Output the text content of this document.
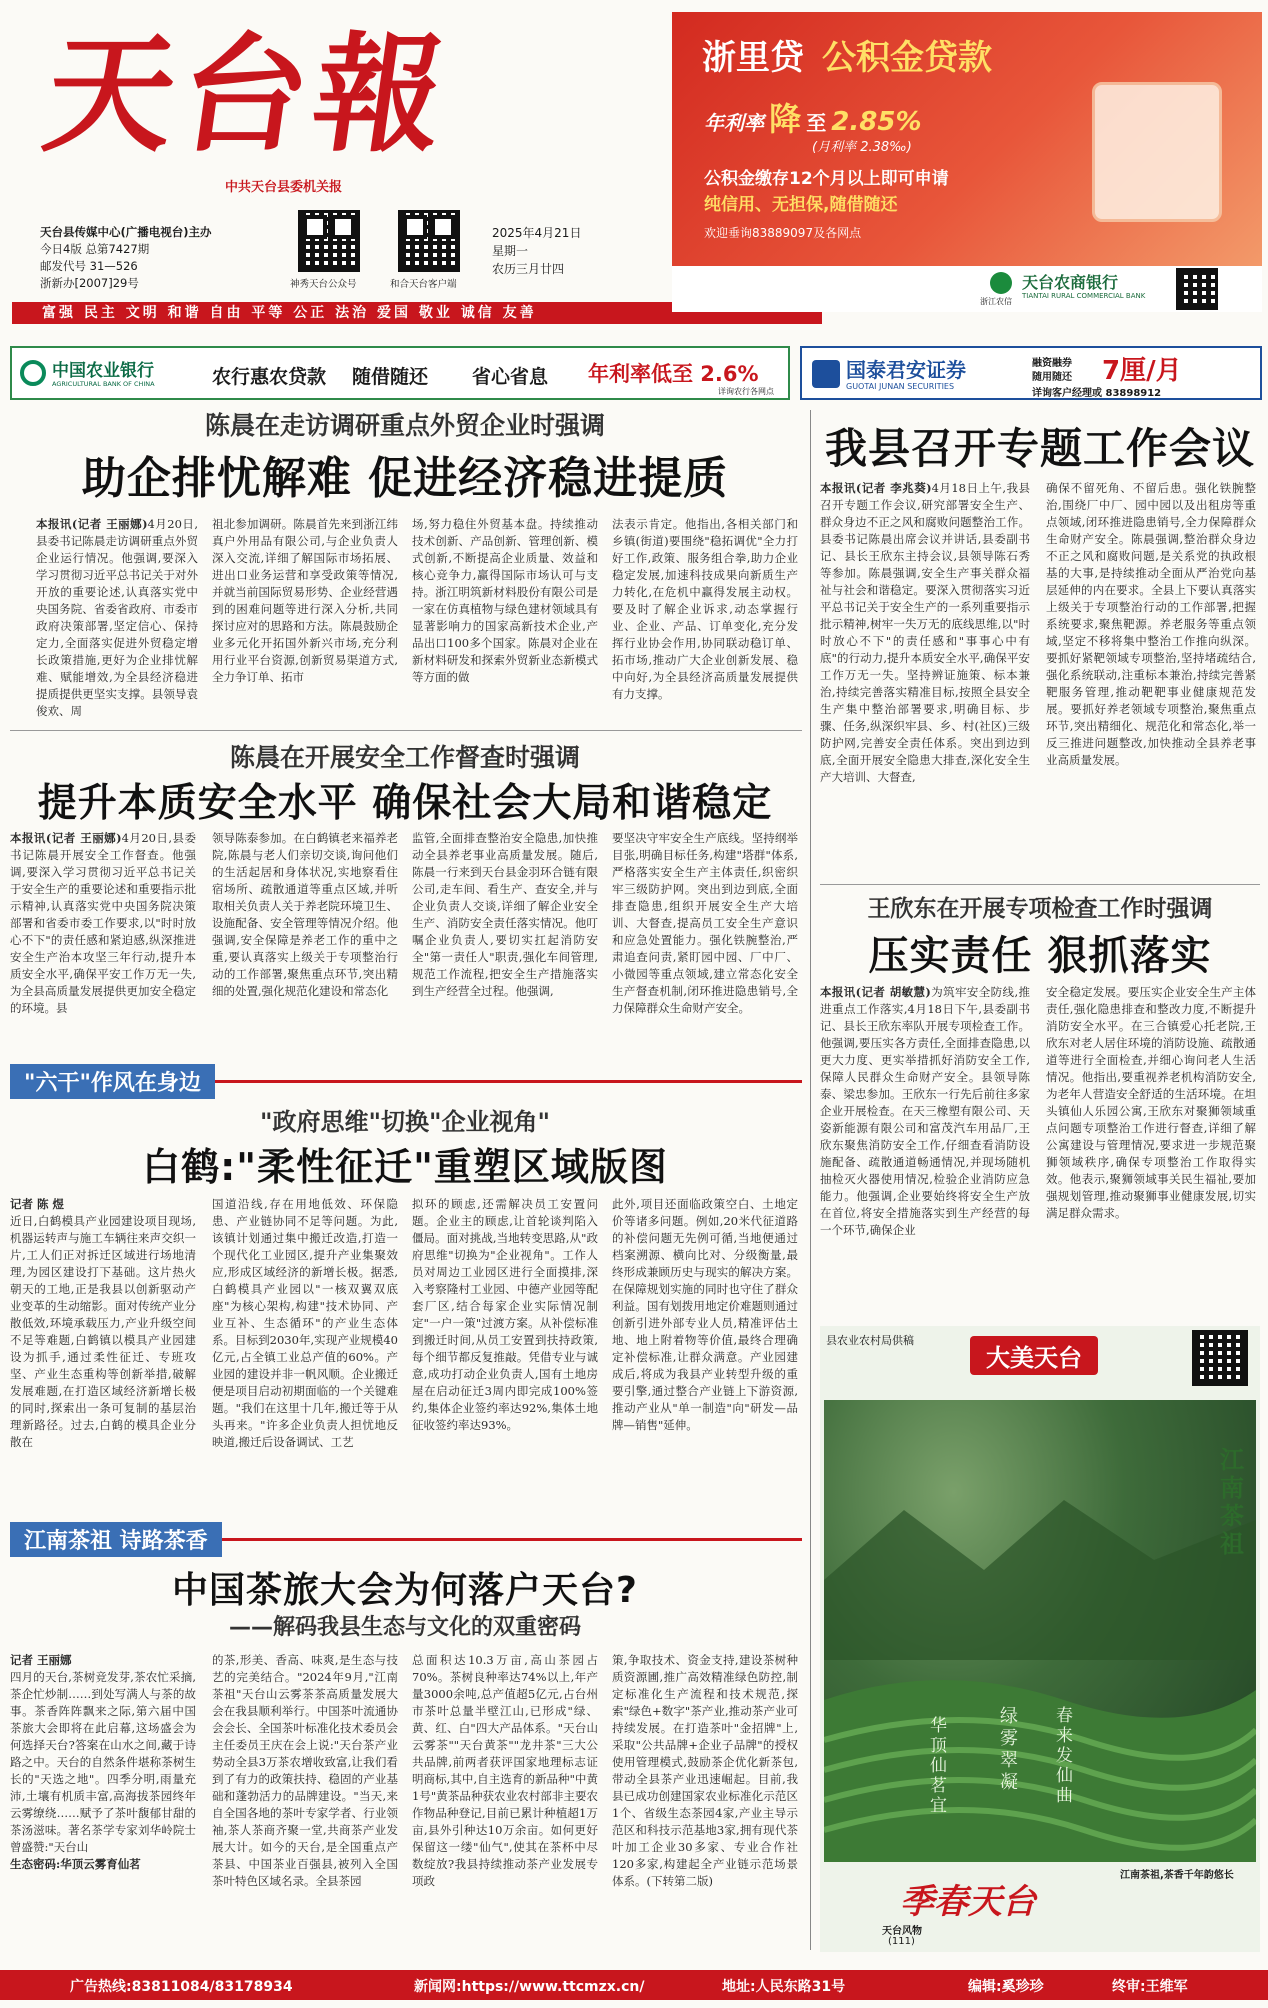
天台報
中共天台县委机关报
天台县传媒中心(广播电视台)主办
今日4版 总第7427期
邮发代号 31—526
浙新办[2007]29号	神秀天台公众号	和合天台客户端
2025年4月21日
星期一
农历三月廿四
富强 民主 文明 和谐 自由 平等 公正 法治 爱国 敬业 诚信 友善
浙里贷 公积金贷款
年利率 降 至 2.85%
(月利率 2.38‰)
公积金缴存12个月以上即可申请
纯信用、无担保,随借随还
欢迎垂询83889097及各网点
浙江农信
天台农商银行
TIANTAI RURAL COMMERCIAL BANK
中国农业银行
AGRICULTURAL BANK OF CHINA	农行惠农贷款 随借随还 省心省息 年利率低至 2.6%
详询农行各网点
国泰君安证券
GUOTAI JUNAN SECURITIES
融资融券
随用随还 7厘/月
详询客户经理或 83898912
陈晨在走访调研重点外贸企业时强调
助企排忧解难 促进经济稳进提质
本报讯(记者 王丽娜)4月20日,县委书记陈晨走访调研重点外贸企业运行情况。他强调,要深入学习贯彻习近平总书记关于对外开放的重要论述,认真落实党中央国务院、省委省政府、市委市政府决策部署,坚定信心、保持定力,全面落实促进外贸稳定增长政策措施,更好为企业排忧解难、赋能增效,为全县经济稳进提质提供更坚实支撑。县领导袁俊欢、周
祖北参加调研。陈晨首先来到浙江纬真户外用品有限公司,与企业负责人深入交流,详细了解国际市场拓展、进出口业务运营和享受政策等情况,并就当前国际贸易形势、企业经营遇到的困难问题等进行深入分析,共同探讨应对的思路和方法。陈晨鼓励企业多元化开拓国外新兴市场,充分利用行业平台资源,创新贸易渠道方式,全力争订单、拓市
场,努力稳住外贸基本盘。持续推动技术创新、产品创新、管理创新、模式创新,不断提高企业质量、效益和核心竞争力,赢得国际市场认可与支持。浙江明筑新材料股份有限公司是一家在仿真植物与绿色建材领域具有显著影响力的国家高新技术企业,产品出口100多个国家。陈晨对企业在新材料研发和探索外贸新业态新模式等方面的做
法表示肯定。他指出,各相关部门和乡镇(街道)要围绕"稳拓调优"全力打好工作,政策、服务组合拳,助力企业稳定发展,加速科技成果向新质生产力转化,在危机中赢得发展主动权。要及时了解企业诉求,动态掌握行业、企业、产品、订单变化,充分发挥行业协会作用,协同联动稳订单、拓市场,推动广大企业创新发展、稳中向好,为全县经济高质量发展提供有力支撑。
陈晨在开展安全工作督查时强调
提升本质安全水平 确保社会大局和谐稳定
本报讯(记者 王丽娜)4月20日,县委书记陈晨开展安全工作督查。他强调,要深入学习贯彻习近平总书记关于安全生产的重要论述和重要指示批示精神,认真落实党中央国务院决策部署和省委市委工作要求,以"时时放心不下"的责任感和紧迫感,纵深推进安全生产治本攻坚三年行动,提升本质安全水平,确保平安工作万无一失,为全县高质量发展提供更加安全稳定的环境。县
领导陈泰参加。在白鹤镇老来福养老院,陈晨与老人们亲切交谈,询问他们的生活起居和身体状况,实地察看住宿场所、疏散通道等重点区域,并听取相关负责人关于养老院环境卫生、设施配备、安全管理等情况介绍。他强调,安全保障是养老工作的重中之重,要认真落实上级关于专项整治行动的工作部署,聚焦重点环节,突出精细的处置,强化规范化建设和常态化
监管,全面排查整治安全隐患,加快推动全县养老事业高质量发展。随后,陈晨一行来到天台县金羽环合链有限公司,走车间、看生产、查安全,并与企业负责人交谈,详细了解企业安全生产、消防安全责任落实情况。他叮嘱企业负责人,要切实扛起消防安全"第一责任人"职责,强化车间管理,规范工作流程,把安全生产措施落实到生产经营全过程。他强调,
要坚决守牢安全生产底线。坚持纲举目张,明确目标任务,构建"塔群"体系,严格落实安全生产主体责任,织密织牢三级防护网。突出到边到底,全面排查隐患,组织开展安全生产大培训、大督查,提高员工安全生产意识和应急处置能力。强化铁腕整治,严肃追查问责,紧盯园中园、厂中厂、小微园等重点领域,建立常态化安全生产督查机制,闭环推进隐患销号,全力保障群众生命财产安全。
我县召开专题工作会议
本报讯(记者 李兆葵)4月18日上午,我县召开专题工作会议,研究部署安全生产、群众身边不正之风和腐败问题整治工作。县委书记陈晨出席会议并讲话,县委副书记、县长王欣东主持会议,县领导陈石秀等参加。陈晨强调,安全生产事关群众福祉与社会和谐稳定。要深入贯彻落实习近平总书记关于安全生产的一系列重要指示批示精神,树牢一失万无的底线思维,以"时时放心不下"的责任感和"事事心中有底"的行动力,提升本质安全水平,确保平安工作万无一失。坚持辨证施策、标本兼治,持续完善落实精准目标,按照全县安全生产集中整治部署要求,明确目标、步骤、任务,纵深织牢县、乡、村(社区)三级防护网,完善安全责任体系。突出到边到底,全面开展安全隐患大排查,深化安全生产大培训、大督查,
确保不留死角、不留后患。强化铁腕整治,围绕厂中厂、园中园以及出租房等重点领域,闭环推进隐患销号,全力保障群众生命财产安全。陈晨强调,整治群众身边不正之风和腐败问题,是关系党的执政根基的大事,是持续推动全面从严治党向基层延伸的内在要求。全县上下要认真落实上级关于专项整治行动的工作部署,把握系统要求,聚焦靶源。养老服务等重点领域,坚定不移将集中整治工作推向纵深。要抓好紧靶领域专项整治,坚持堵疏结合,强化系统联动,注重标本兼治,持续完善紧靶服务管理,推动靶靶事业健康规范发展。要抓好养老领域专项整治,聚焦重点环节,突出精细化、规范化和常态化,举一反三推进问题整改,加快推动全县养老事业高质量发展。
王欣东在开展专项检查工作时强调
压实责任 狠抓落实
本报讯(记者 胡敏慧)为筑牢安全防线,推进重点工作落实,4月18日下午,县委副书记、县长王欣东率队开展专项检查工作。他强调,要压实各方责任,全面排查隐患,以更大力度、更实举措抓好消防安全工作,保障人民群众生命财产安全。县领导陈泰、梁忠参加。王欣东一行先后前往多家企业开展检查。在天三橡塑有限公司、天姿新能源有限公司和富茂汽车用品厂,王欣东聚焦消防安全工作,仔细查看消防设施配备、疏散通道畅通情况,并现场随机抽检灭火器使用情况,检验企业消防应急能力。他强调,企业要始终将安全生产放在首位,将安全措施落实到生产经营的每一个环节,确保企业
安全稳定发展。要压实企业安全生产主体责任,强化隐患排查和整改力度,不断提升消防安全水平。在三合镇爱心托老院,王欣东对老人居住环境的消防设施、疏散通道等进行全面检查,并细心询问老人生活情况。他指出,要重视养老机构消防安全,为老年人营造安全舒适的生活环境。在坦头镇仙人乐园公寓,王欣东对聚狮领域重点问题专项整治工作进行督查,详细了解公寓建设与管理情况,要求进一步规范聚狮领域秩序,确保专项整治工作取得实效。他表示,聚狮领域事关民生福祉,要加强规划管理,推动聚狮事业健康发展,切实满足群众需求。
"六干"作风在身边
"政府思维"切换"企业视角"
白鹤:"柔性征迁"重塑区域版图
记者 陈 煜
近日,白鹤模具产业园建设项目现场,机器运转声与施工车辆往来声交织一片,工人们正对拆迁区域进行场地清理,为园区建设打下基础。这片热火朝天的工地,正是我县以创新驱动产业变革的生动缩影。面对传统产业分散低效,环境承载压力,产业升级空间不足等难题,白鹤镇以模具产业园建设为抓手,通过柔性征迁、专班攻坚、产业生态重构等创新举措,破解发展难题,在打造区域经济新增长极的同时,探索出一条可复制的基层治理新路径。过去,白鹤的模具企业分散在
国道沿线,存在用地低效、环保隐患、产业链协同不足等问题。为此,该镇计划通过集中搬迁改造,打造一个现代化工业园区,提升产业集聚效应,形成区域经济的新增长极。据悉,白鹤模具产业园以"一核双翼双底座"为核心架构,构建"技术协同、产业互补、生态循环"的产业生态体系。目标到2030年,实现产业规模40亿元,占全镇工业总产值的60%。产业园的建设并非一帆风顺。企业搬迁便是项目启动初期面临的一个关键难题。"我们在这里十几年,搬迁等于从头再来。"许多企业负责人担忧地反映道,搬迁后设备调试、工艺
拟环的顾虑,还需解决员工安置问题。企业主的顾虑,让首轮谈判陷入僵局。面对挑战,当地转变思路,从"政府思维"切换为"企业视角"。工作人员对周边工业园区进行全面摸排,深入考察隆村工业园、中德产业园等配套厂区,结合每家企业实际情况制定"一户一策"过渡方案。从补偿标准到搬迁时间,从员工安置到扶持政策,每个细节都反复推敲。凭借专业与诚意,成功打动企业负责人,国有土地房屋在启动征迁3周内即完成100%签约,集体企业签约率达92%,集体土地征收签约率达93%。
此外,项目还面临政策空白、土地定价等诸多问题。例如,20米代征道路的补偿问题无先例可循,当地便通过档案溯源、横向比对、分级衡量,最终形成兼顾历史与现实的解决方案。在保障规划实施的同时也守住了群众利益。国有划拨用地定价难题则通过创新引进外部专业人员,精准评估土地、地上附着物等价值,最终合理确定补偿标准,让群众满意。产业园建成后,将成为我县产业转型升级的重要引擎,通过整合产业链上下游资源,推动产业从"单一制造"向"研发—品牌—销售"延伸。
江南茶祖 诗路茶香
中国茶旅大会为何落户天台?
——解码我县生态与文化的双重密码
记者 王丽娜
四月的天台,茶树竞发芽,茶农忙采摘,茶企忙炒制……到处写满人与茶的故事。茶香阵阵飘来之际,第六届中国茶旅大会即将在此启幕,这场盛会为何选择天台?答案在山水之间,藏于诗路之中。天台的自然条件堪称茶树生长的"天选之地"。四季分明,雨量充沛,土壤有机质丰富,高海拔茶园终年云雾缭绕……赋予了茶叶馥郁甘甜的茶汤滋味。著名茶学专家刘华岭院士曾盛赞:"天台山
生态密码:华顶云雾育仙茗
的茶,形美、香高、味爽,是生态与技艺的完美结合。"2024年9月,"江南茶祖"天台山云雾茶茶高质量发展大会在我县顺利举行。中国茶叶流通协会会长、全国茶叶标准化技术委员会主任委员王庆在会上说:"天台茶产业势动全县3万茶农增收致富,让我们看到了有力的政策扶持、稳固的产业基础和蓬勃活力的品牌建设。"当天,来自全国各地的茶叶专家学者、行业领袖,茶人茶商齐聚一堂,共商茶产业发展大计。如今的天台,是全国重点产茶县、中国茶业百强县,被列入全国茶叶特色区域名录。全县茶园
总面积达10.3万亩,高山茶园占70%。茶树良种率达74%以上,年产量3000余吨,总产值超5亿元,占台州市茶叶总量半壁江山,已形成"绿、黄、红、白"四大产品体系。"天台山云雾茶""天台黄茶""龙井茶"三大公共品牌,前两者获评国家地理标志证明商标,其中,自主选育的新品种"中黄1号"黄茶品种获农业农村部非主要农作物品种登记,目前已累计种植超1万亩,县外引种达10万余亩。如何更好保留这一缕"仙气",使其在茶杯中尽数绽放?我县持续推动茶产业发展专项政
策,争取技术、资金支持,建设茶树种质资源圃,推广高效精准绿色防控,制定标准化生产流程和技术规范,探索"绿色+数字"茶产业,推动茶产业可持续发展。在打造茶叶"金招牌"上,采取"公共品牌+企业子品牌"的授权使用管理模式,鼓励茶企优化新茶包,带动全县茶产业迅速崛起。目前,我县已成功创建国家农业标准化示范区1个、省级生态茶园4家,产业主导示范区和科技示范基地3家,拥有现代茶叶加工企业30多家、专业合作社120多家,构建起全产业链示范场景体系。(下转第二版)
县农业农村局供稿
大美天台
江南茶祖
绿雾翠凝
华顶仙茗宜
春来发仙曲
江南茶祖,茶香千年韵悠长
季春天台
天台风物
(111)
广告热线:83811084/83178934	新闻网:https://www.ttcmzx.cn/	地址:人民东路31号	编辑:奚珍珍	终审:王维军
